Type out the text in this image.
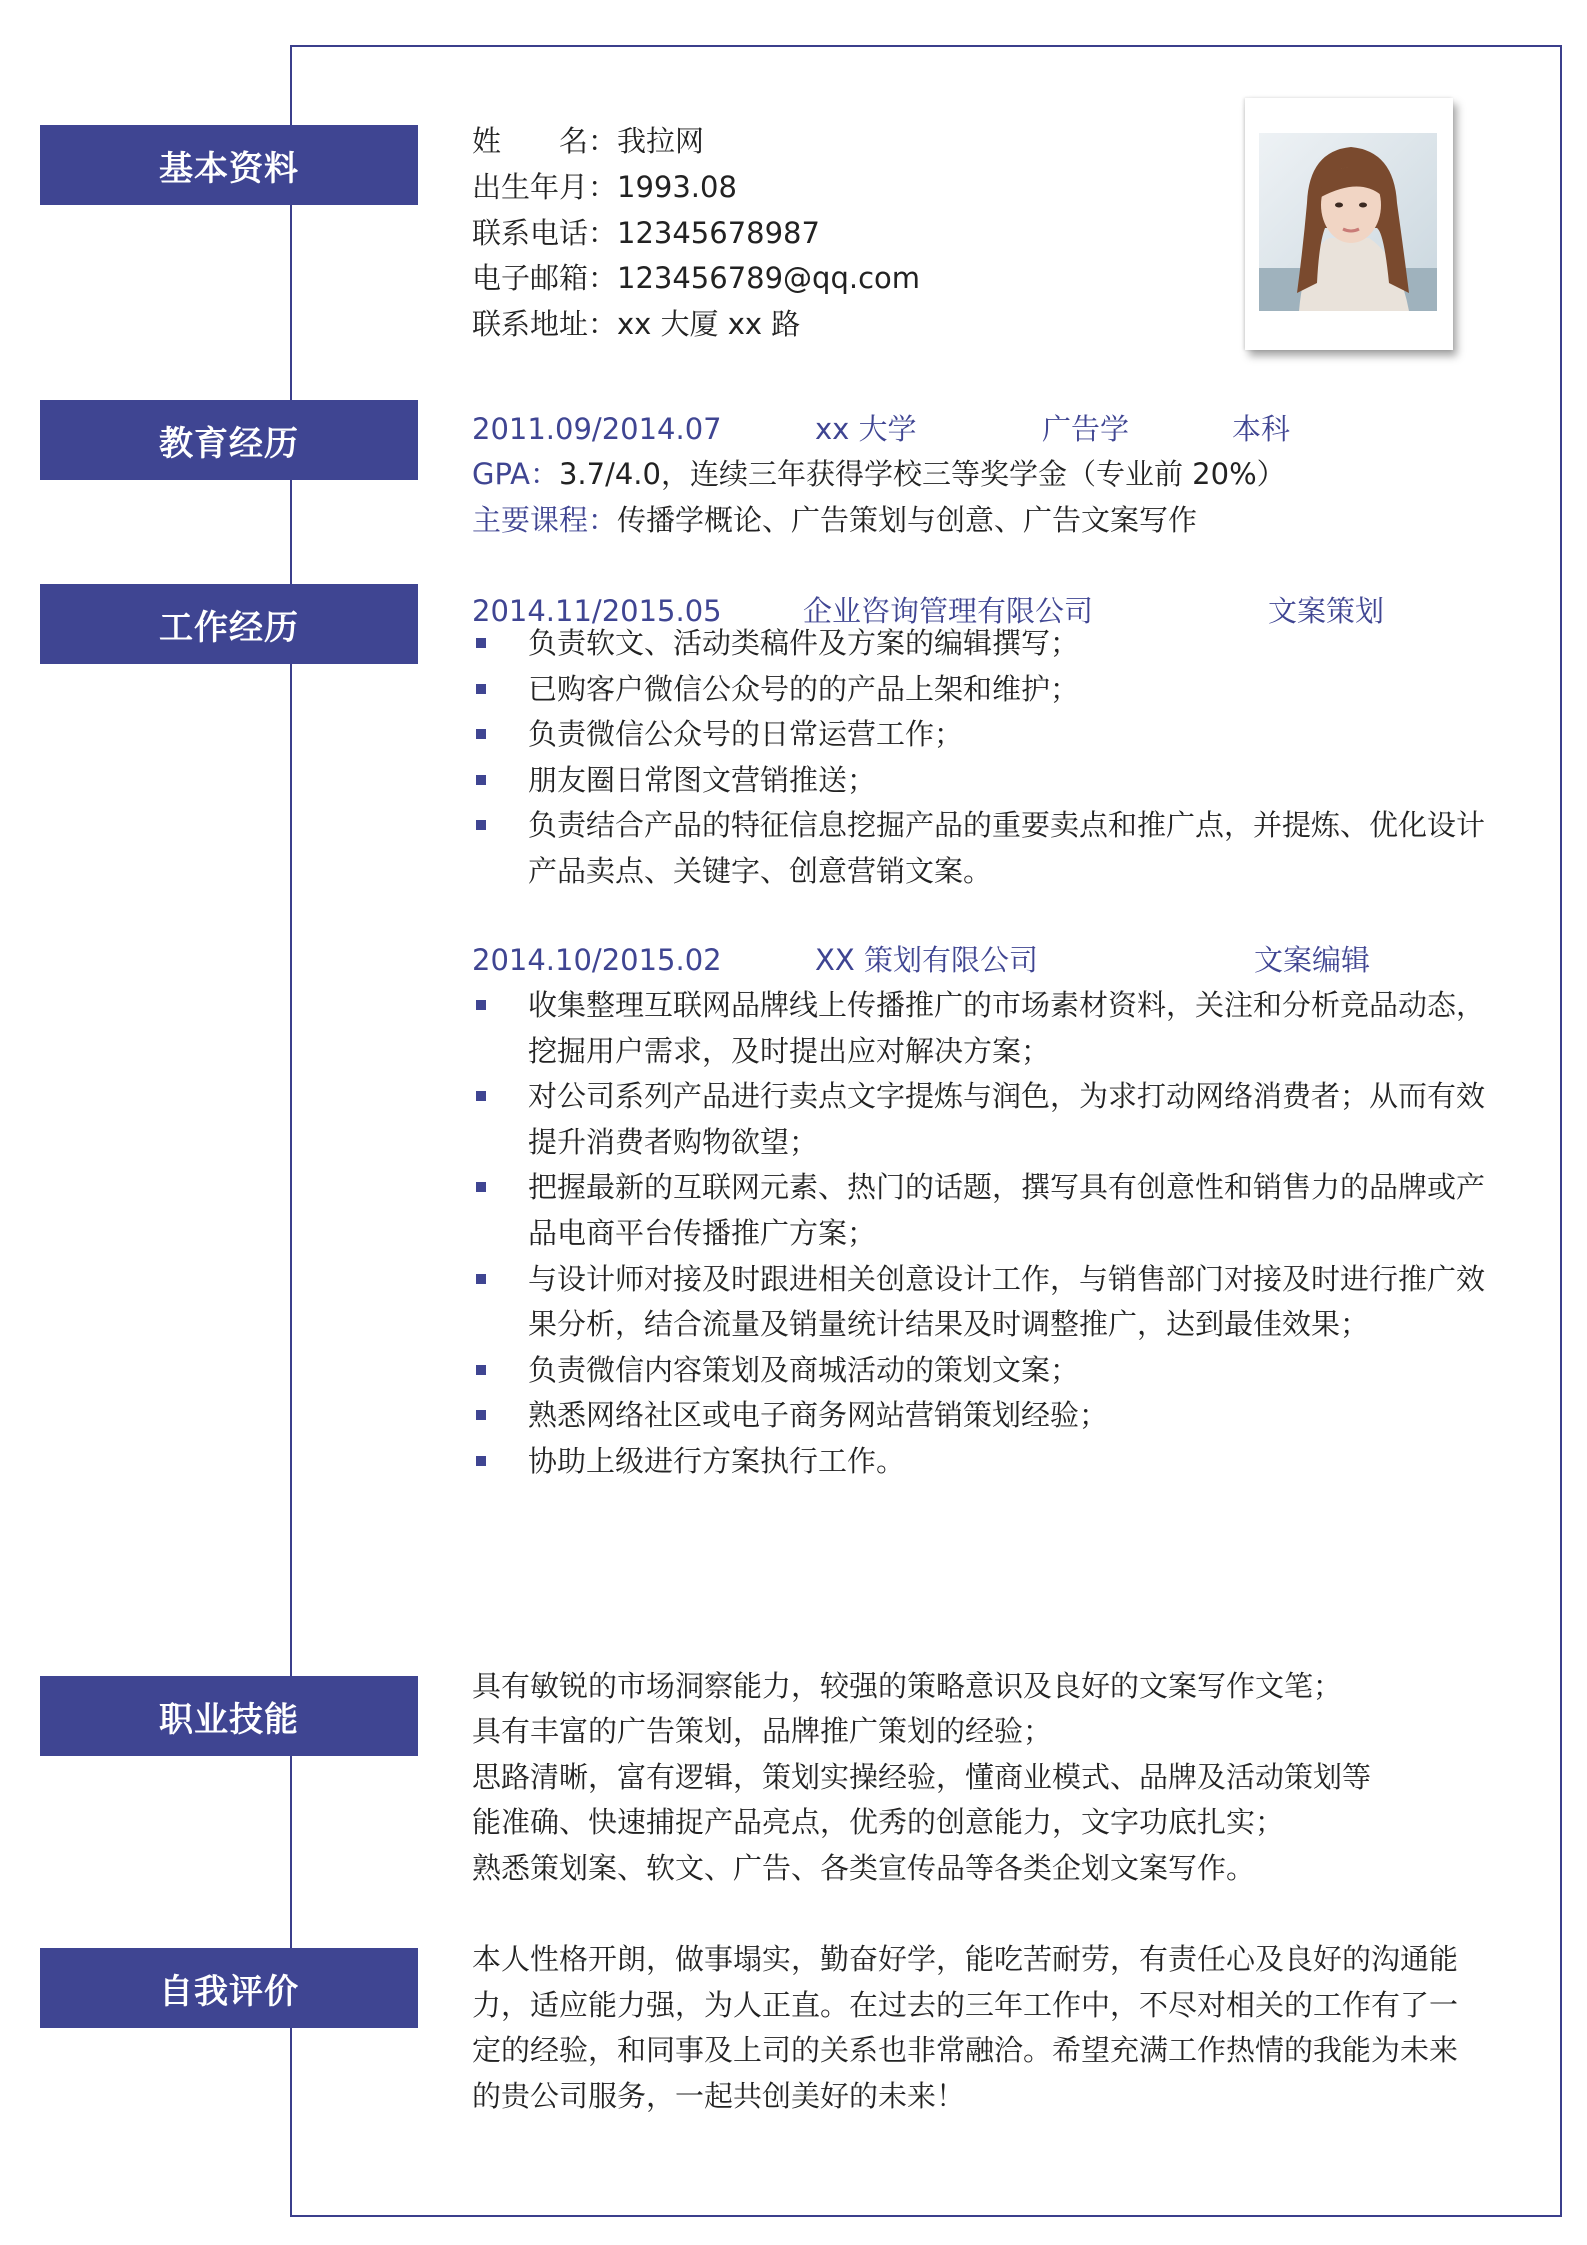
基本资料
教育经历
工作经历
职业技能
自我评价
姓　　名：我拉网
出生年月：1993.08
联系电话：12345678987
电子邮箱：123456789@qq.com
联系地址：xx 大厦 xx 路
2011.09/2014.07	xx 大学	广告学	本科
GPA：3.7/4.0，连续三年获得学校三等奖学金（专业前 20%）
主要课程：传播学概论、广告策划与创意、广告文案写作
2014.11/2015.05	企业咨询管理有限公司	文案策划
负责软文、活动类稿件及方案的编辑撰写；
已购客户微信公众号的的产品上架和维护；
负责微信公众号的日常运营工作；
朋友圈日常图文营销推送；
负责结合产品的特征信息挖掘产品的重要卖点和推广点，并提炼、优化设计
产品卖点、关键字、创意营销文案。
2014.10/2015.02	XX 策划有限公司	文案编辑
收集整理互联网品牌线上传播推广的市场素材资料，关注和分析竞品动态，
挖掘用户需求，及时提出应对解决方案；
对公司系列产品进行卖点文字提炼与润色，为求打动网络消费者；从而有效
提升消费者购物欲望；
把握最新的互联网元素、热门的话题，撰写具有创意性和销售力的品牌或产
品电商平台传播推广方案；
与设计师对接及时跟进相关创意设计工作，与销售部门对接及时进行推广效
果分析，结合流量及销量统计结果及时调整推广，达到最佳效果；
负责微信内容策划及商城活动的策划文案；
熟悉网络社区或电子商务网站营销策划经验；
协助上级进行方案执行工作。
具有敏锐的市场洞察能力，较强的策略意识及良好的文案写作文笔；
具有丰富的广告策划，品牌推广策划的经验；
思路清晰，富有逻辑，策划实操经验，懂商业模式、品牌及活动策划等
能准确、快速捕捉产品亮点，优秀的创意能力，文字功底扎实；
熟悉策划案、软文、广告、各类宣传品等各类企划文案写作。
本人性格开朗，做事塌实，勤奋好学，能吃苦耐劳，有责任心及良好的沟通能
力，适应能力强，为人正直。在过去的三年工作中，不尽对相关的工作有了一
定的经验，和同事及上司的关系也非常融洽。希望充满工作热情的我能为未来
的贵公司服务，一起共创美好的未来！
